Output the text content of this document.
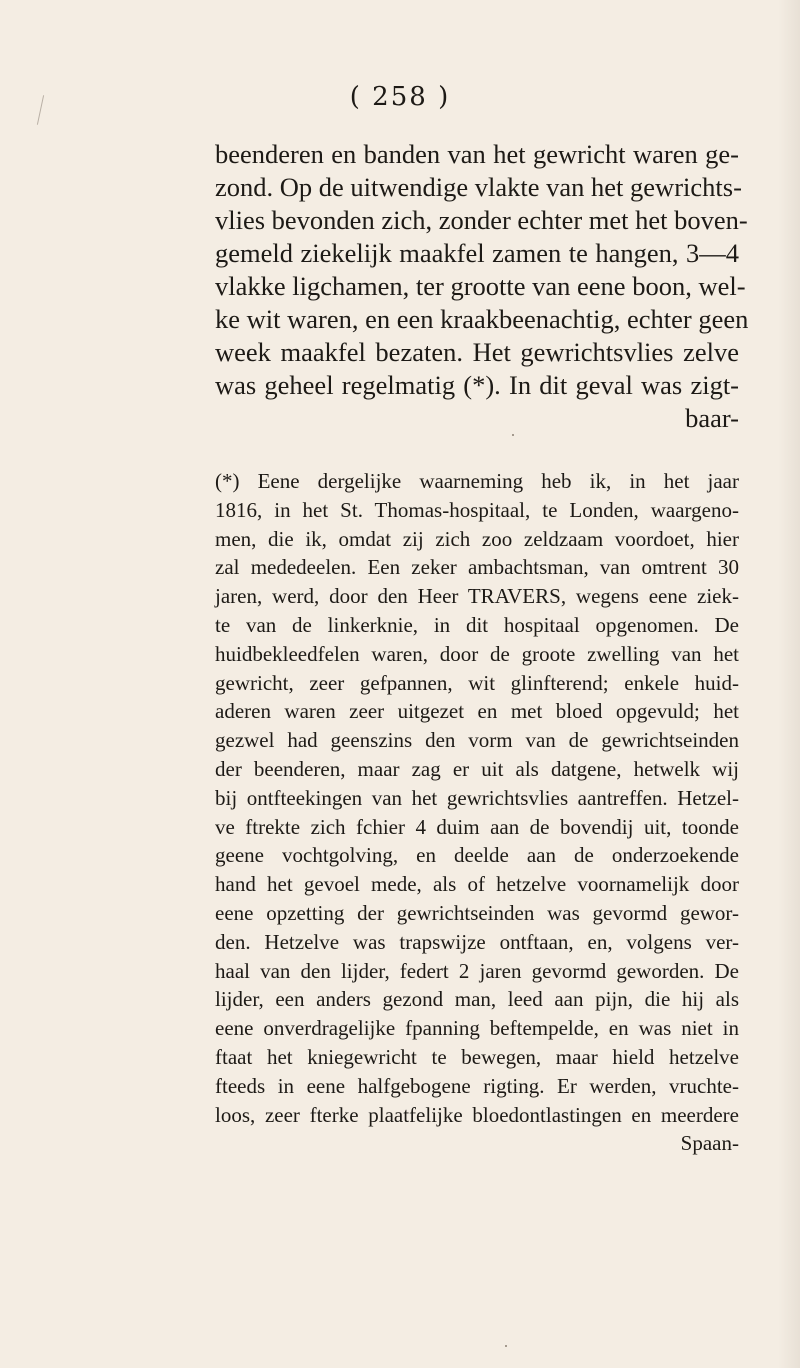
( 258 )
beenderen en banden van het gewricht waren ge-
zond. Op de uitwendige vlakte van het gewrichts-
vlies bevonden zich, zonder echter met het boven-
gemeld ziekelijk maakfel zamen te hangen, 3—4
vlakke ligchamen, ter grootte van eene boon, wel-
ke wit waren, en een kraakbeenachtig, echter geen
week maakfel bezaten. Het gewrichtsvlies zelve
was geheel regelmatig (*). In dit geval was zigt-
baar-
(*) Eene dergelijke waarneming heb ik, in het jaar
1816, in het St. Thomas-hospitaal, te Londen, waargeno-
men, die ik, omdat zij zich zoo zeldzaam voordoet, hier
zal mededeelen. Een zeker ambachtsman, van omtrent 30
jaren, werd, door den Heer TRAVERS, wegens eene ziek-
te van de linkerknie, in dit hospitaal opgenomen. De
huidbekleedfelen waren, door de groote zwelling van het
gewricht, zeer gefpannen, wit glinfterend; enkele huid-
aderen waren zeer uitgezet en met bloed opgevuld; het
gezwel had geenszins den vorm van de gewrichtseinden
der beenderen, maar zag er uit als datgene, hetwelk wij
bij ontfteekingen van het gewrichtsvlies aantreffen. Hetzel-
ve ftrekte zich fchier 4 duim aan de bovendij uit, toonde
geene vochtgolving, en deelde aan de onderzoekende
hand het gevoel mede, als of hetzelve voornamelijk door
eene opzetting der gewrichtseinden was gevormd gewor-
den. Hetzelve was trapswijze ontftaan, en, volgens ver-
haal van den lijder, federt 2 jaren gevormd geworden. De
lijder, een anders gezond man, leed aan pijn, die hij als
eene onverdragelijke fpanning beftempelde, en was niet in
ftaat het kniegewricht te bewegen, maar hield hetzelve
fteeds in eene halfgebogene rigting. Er werden, vruchte-
loos, zeer fterke plaatfelijke bloedontlastingen en meerdere
Spaan-
